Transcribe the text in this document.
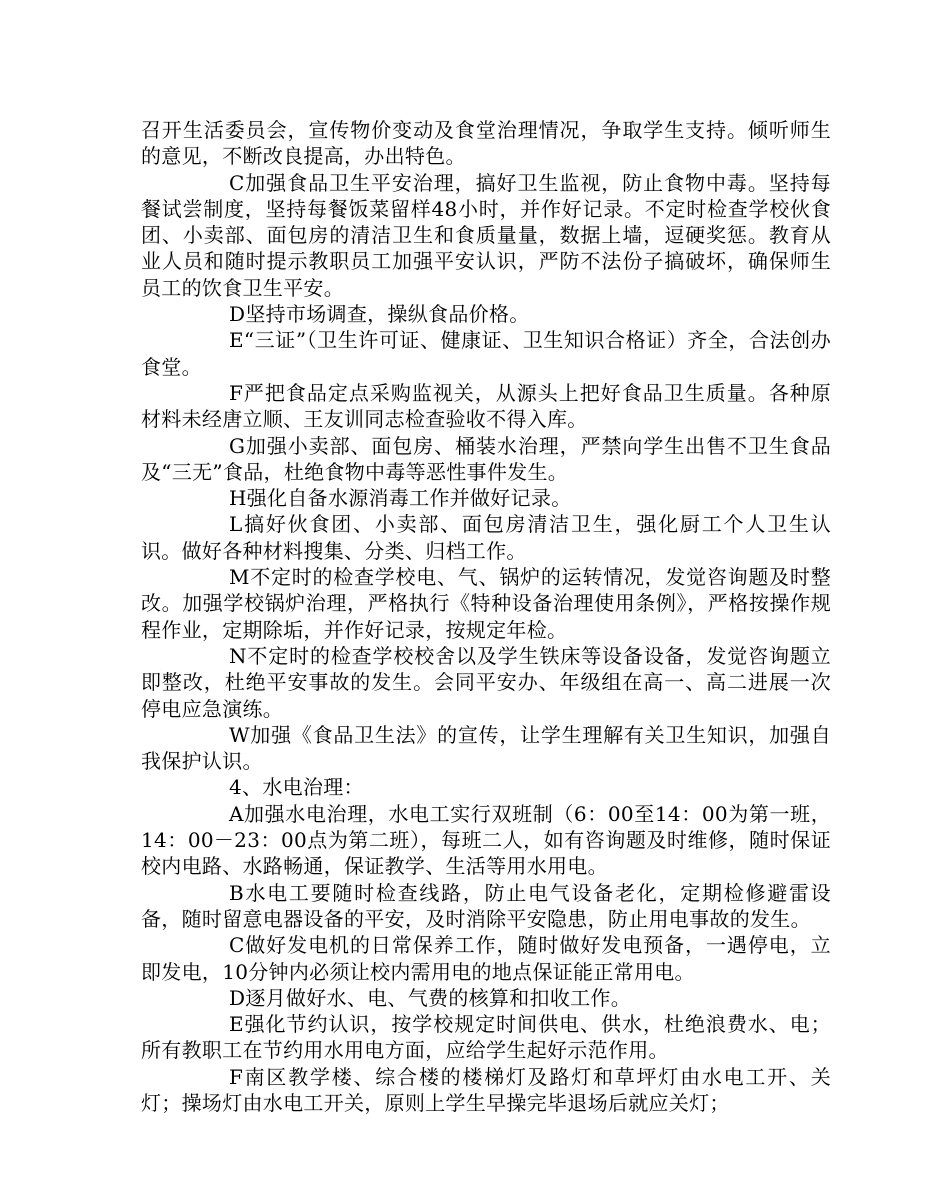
召开生活委员会，宣传物价变动及食堂治理情况，争取学生支持。倾听师生的意见，不断改良提高，办出特色。

C加强食品卫生平安治理，搞好卫生监视，防止食物中毒。坚持每餐试尝制度，坚持每餐饭菜留样48小时，并作好记录。不定时检查学校伙食团、小卖部、面包房的清洁卫生和食质量量，数据上墙，逗硬奖惩。教育从业人员和随时提示教职员工加强平安认识，严防不法份子搞破坏，确保师生员工的饮食卫生平安。

D坚持市场调查，操纵食品价格。

E“三证”（卫生许可证、健康证、卫生知识合格证）齐全，合法创办食堂。

F严把食品定点采购监视关，从源头上把好食品卫生质量。各种原材料未经唐立顺、王友训同志检查验收不得入库。

G加强小卖部、面包房、桶装水治理，严禁向学生出售不卫生食品及“三无”食品，杜绝食物中毒等恶性事件发生。

H强化自备水源消毒工作并做好记录。

L搞好伙食团、小卖部、面包房清洁卫生，强化厨工个人卫生认识。做好各种材料搜集、分类、归档工作。

M不定时的检查学校电、气、锅炉的运转情况，发觉咨询题及时整改。加强学校锅炉治理，严格执行《特种设备治理使用条例》，严格按操作规程作业，定期除垢，并作好记录，按规定年检。

N不定时的检查学校校舍以及学生铁床等设备设备，发觉咨询题立即整改，杜绝平安事故的发生。会同平安办、年级组在高一、高二进展一次停电应急演练。

W加强《食品卫生法》的宣传，让学生理解有关卫生知识，加强自我保护认识。

4、水电治理：

A加强水电治理，水电工实行双班制（6：00至14：00为第一班，14：00－23：00点为第二班），每班二人，如有咨询题及时维修，随时保证校内电路、水路畅通，保证教学、生活等用水用电。

B水电工要随时检查线路，防止电气设备老化，定期检修避雷设备，随时留意电器设备的平安，及时消除平安隐患，防止用电事故的发生。

C做好发电机的日常保养工作，随时做好发电预备，一遇停电，立即发电，10分钟内必须让校内需用电的地点保证能正常用电。

D逐月做好水、电、气费的核算和扣收工作。

E强化节约认识，按学校规定时间供电、供水，杜绝浪费水、电；所有教职工在节约用水用电方面，应给学生起好示范作用。

F南区教学楼、综合楼的楼梯灯及路灯和草坪灯由水电工开、关灯；操场灯由水电工开关，原则上学生早操完毕退场后就应关灯；
